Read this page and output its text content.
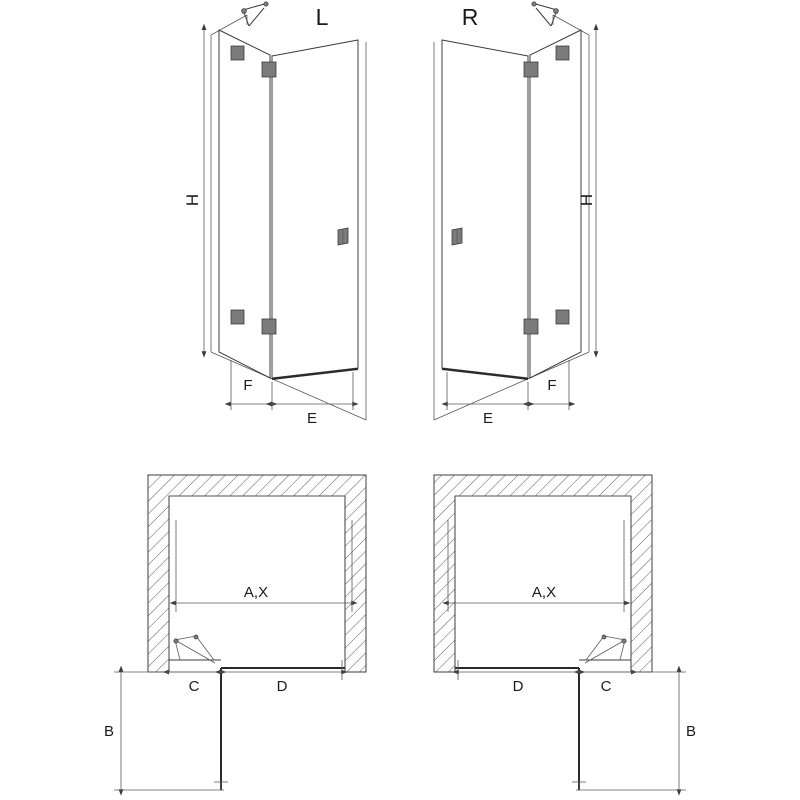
L	R
H	H
F
E
F
E
A,X	A,X
C	D	C
D
B	B
